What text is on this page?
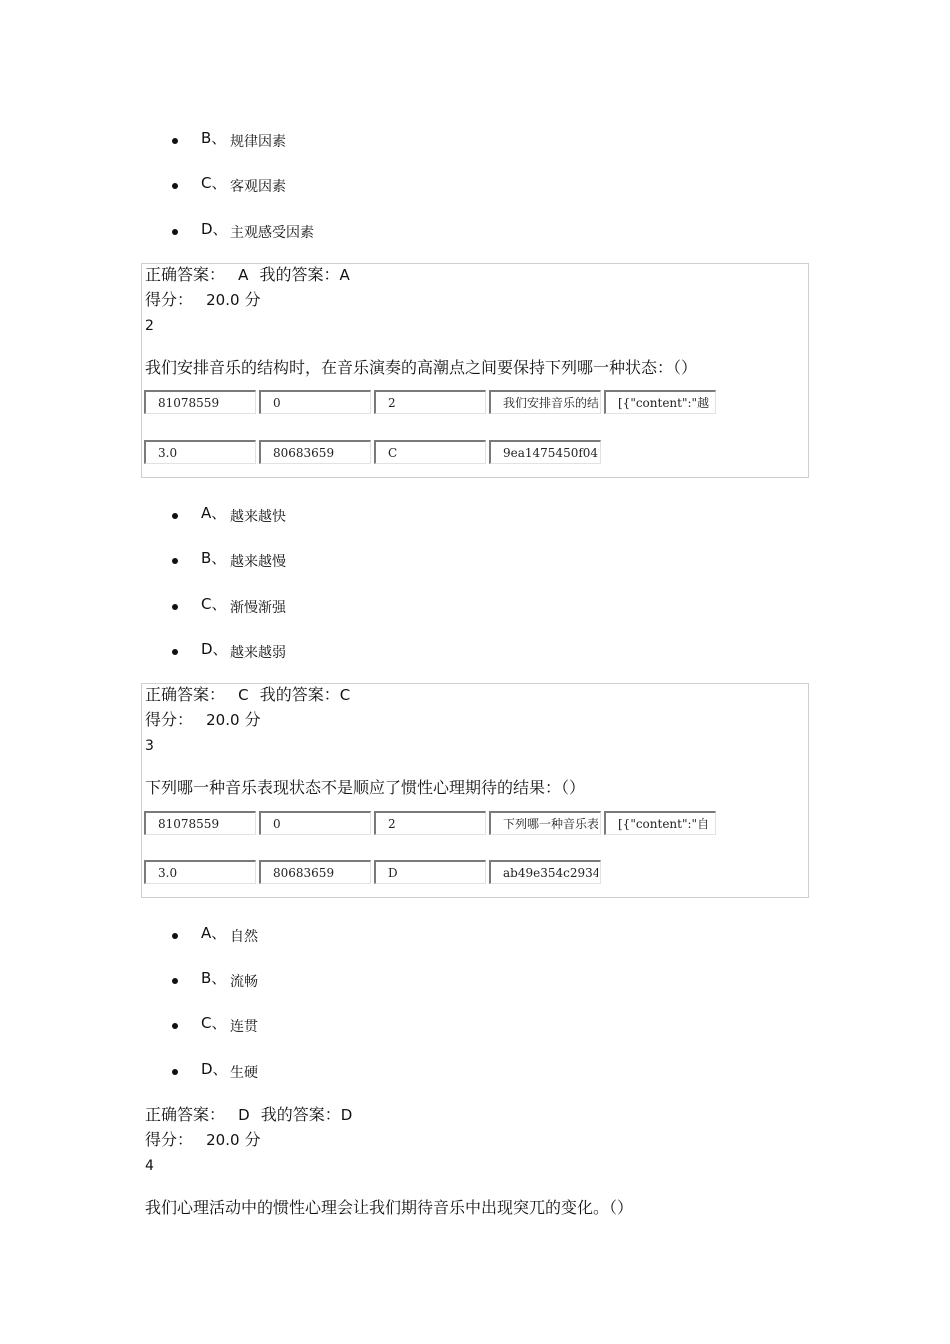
B、 规律因素
C、 客观因素
D、 主观感受因素
正确答案： A 我的答案：A
得分： 20.0 分
2
我们安排音乐的结构时，在音乐演奏的高潮点之间要保持下列哪一种状态：（）
81078559
0
2
我们安排音乐的结
[{"content":"越
3.0
80683659
C
9ea1475450f047
A、 越来越快
B、 越来越慢
C、 渐慢渐强
D、 越来越弱
正确答案： C 我的答案：C
得分： 20.0 分
3
下列哪一种音乐表现状态不是顺应了惯性心理期待的结果：（）
81078559
0
2
下列哪一种音乐表
[{"content":"自
3.0
80683659
D
ab49e354c29348
A、 自然
B、 流畅
C、 连贯
D、 生硬
正确答案： D 我的答案：D
得分： 20.0 分
4
我们心理活动中的惯性心理会让我们期待音乐中出现突兀的变化。（）
